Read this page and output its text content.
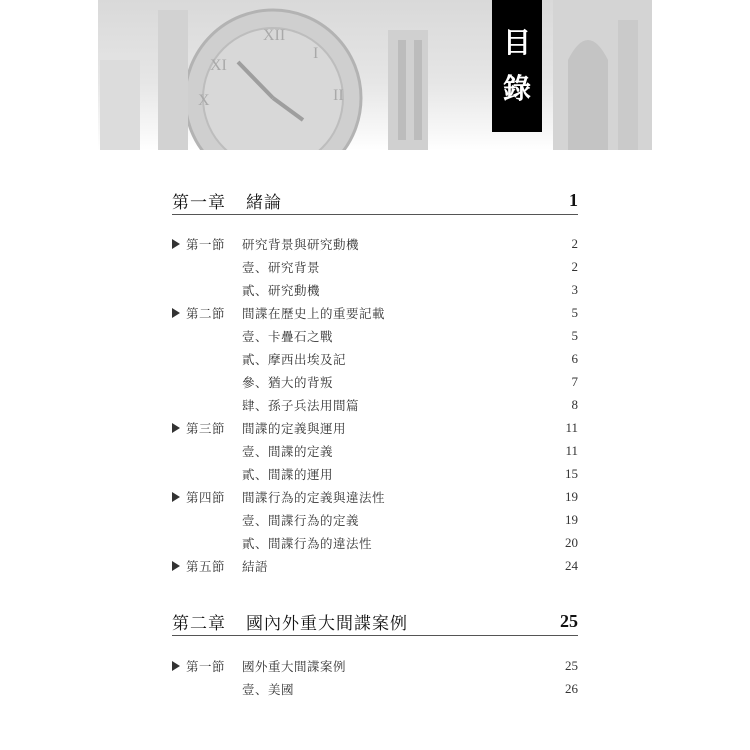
XII
I
XI
X	II
目
錄
第一章 緒論	1
第一節	研究背景與研究動機	2
壹、研究背景	2
貳、研究動機	3
第二節	間諜在歷史上的重要記載	5
壹、卡疊石之戰	5
貳、摩西出埃及記	6
參、猶大的背叛	7
肆、孫子兵法用間篇	8
第三節	間諜的定義與運用	11
壹、間諜的定義	11
貳、間諜的運用	15
第四節	間諜行為的定義與違法性	19
壹、間諜行為的定義	19
貳、間諜行為的違法性	20
第五節	結語	24
第二章 國內外重大間諜案例	25
第一節	國外重大間諜案例	25
壹、美國	26
